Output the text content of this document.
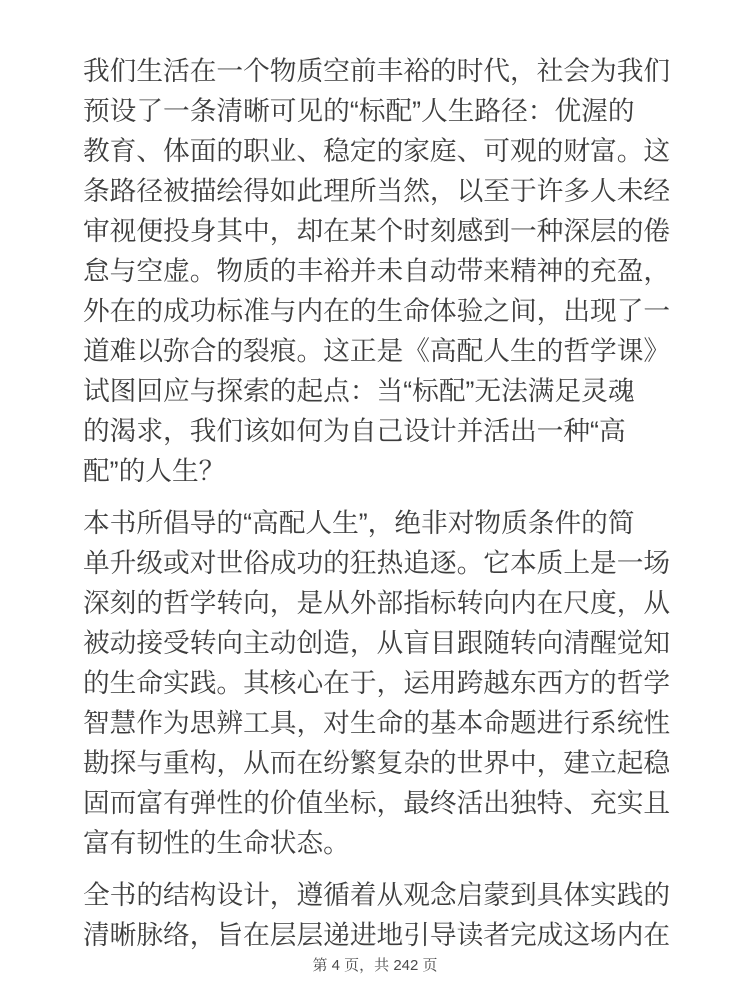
我们生活在一个物质空前丰裕的时代，社会为我们
预设了一条清晰可见的“标配”人生路径：优渥的
教育、体面的职业、稳定的家庭、可观的财富。这
条路径被描绘得如此理所当然，以至于许多人未经
审视便投身其中，却在某个时刻感到一种深层的倦
怠与空虚。物质的丰裕并未自动带来精神的充盈，
外在的成功标准与内在的生命体验之间，出现了一
道难以弥合的裂痕。这正是《高配人生的哲学课》
试图回应与探索的起点：当“标配”无法满足灵魂
的渴求，我们该如何为自己设计并活出一种“高
配”的人生？
本书所倡导的“高配人生”，绝非对物质条件的简
单升级或对世俗成功的狂热追逐。它本质上是一场
深刻的哲学转向，是从外部指标转向内在尺度，从
被动接受转向主动创造，从盲目跟随转向清醒觉知
的生命实践。其核心在于，运用跨越东西方的哲学
智慧作为思辨工具，对生命的基本命题进行系统性
勘探与重构，从而在纷繁复杂的世界中，建立起稳
固而富有弹性的价值坐标，最终活出独特、充实且
富有韧性的生命状态。
全书的结构设计，遵循着从观念启蒙到具体实践的
清晰脉络，旨在层层递进地引导读者完成这场内在
第 4 页，共 242 页
